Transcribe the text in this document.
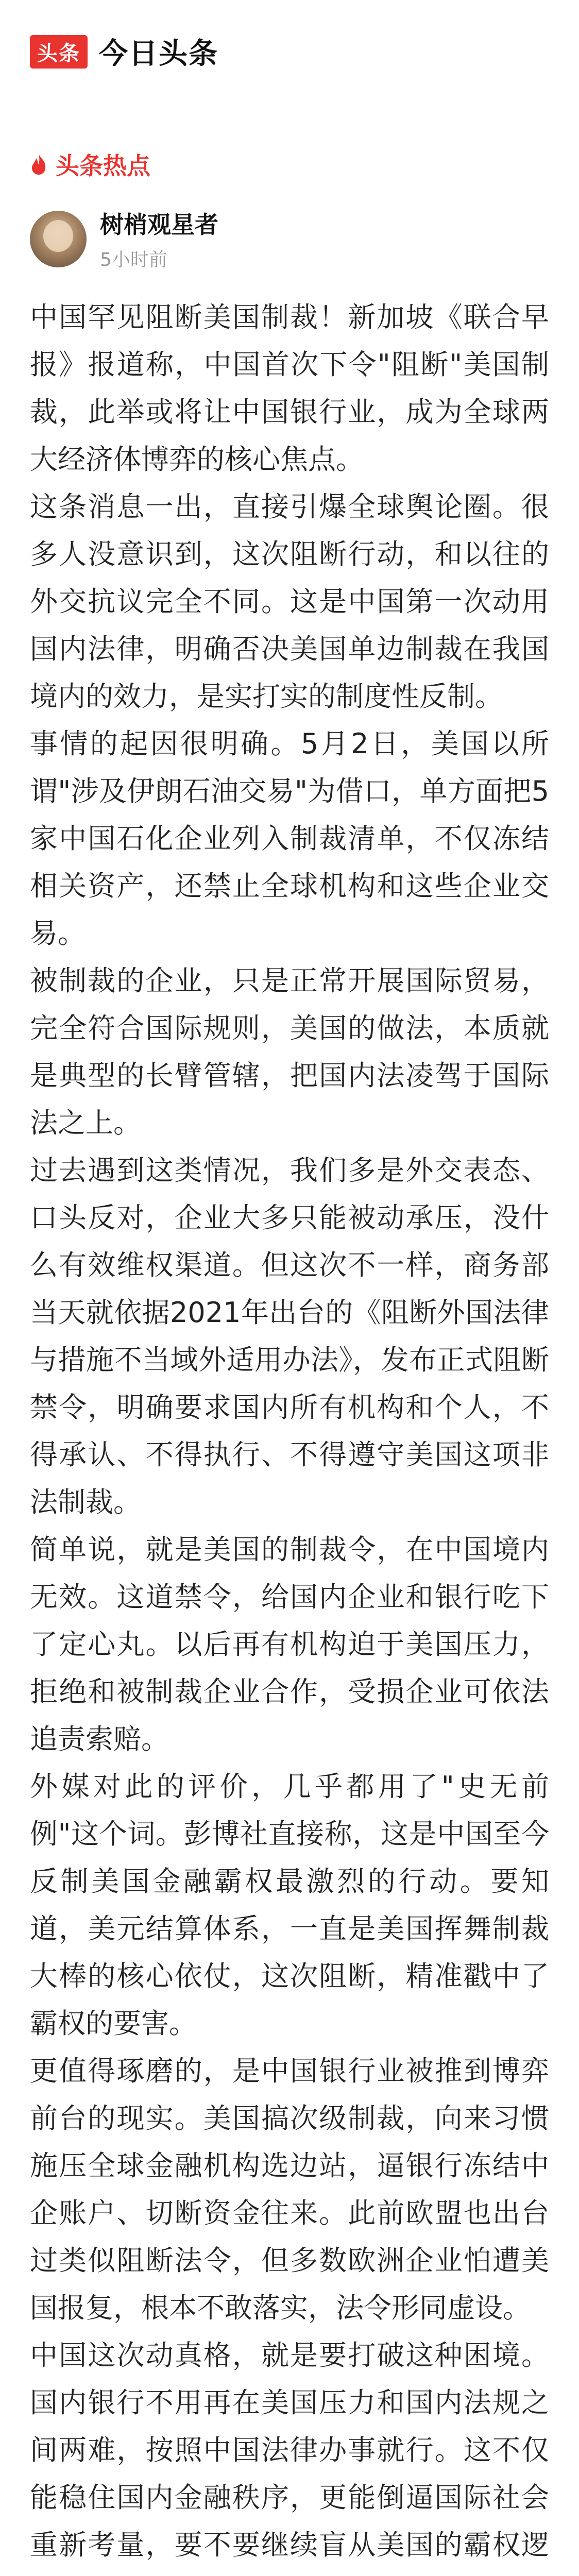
头条 今日头条
头条热点
树梢观星者
5小时前

中国罕见阻断美国制裁！新加坡《联合早报》报道称，中国首次下令"阻断"美国制裁，此举或将让中国银行业，成为全球两大经济体博弈的核心焦点。

这条消息一出，直接引爆全球舆论圈。很多人没意识到，这次阻断行动，和以往的外交抗议完全不同。这是中国第一次动用国内法律，明确否决美国单边制裁在我国境内的效力，是实打实的制度性反制。

事情的起因很明确。5月2日，美国以所谓"涉及伊朗石油交易"为借口，单方面把5家中国石化企业列入制裁清单，不仅冻结相关资产，还禁止全球机构和这些企业交易。

被制裁的企业，只是正常开展国际贸易，完全符合国际规则，美国的做法，本质就是典型的长臂管辖，把国内法凌驾于国际法之上。

过去遇到这类情况，我们多是外交表态、口头反对，企业大多只能被动承压，没什么有效维权渠道。但这次不一样，商务部当天就依据2021年出台的《阻断外国法律与措施不当域外适用办法》，发布正式阻断禁令，明确要求国内所有机构和个人，不得承认、不得执行、不得遵守美国这项非法制裁。

简单说，就是美国的制裁令，在中国境内无效。这道禁令，给国内企业和银行吃下了定心丸。以后再有机构迫于美国压力，拒绝和被制裁企业合作，受损企业可依法追责索赔。

外媒对此的评价，几乎都用了"史无前例"这个词。彭博社直接称，这是中国至今反制美国金融霸权最激烈的行动。要知道，美元结算体系，一直是美国挥舞制裁大棒的核心依仗，这次阻断，精准戳中了霸权的要害。

更值得琢磨的，是中国银行业被推到博弈前台的现实。美国搞次级制裁，向来习惯施压全球金融机构选边站，逼银行冻结中企账户、切断资金往来。此前欧盟也出台过类似阻断法令，但多数欧洲企业怕遭美国报复，根本不敢落实，法令形同虚设。

中国这次动真格，就是要打破这种困境。国内银行不用再在美国压力和国内法规之间两难，按照中国法律办事就行。这不仅能稳住国内金融秩序，更能倒逼国际社会重新考量，要不要继续盲从美国的霸权逻
